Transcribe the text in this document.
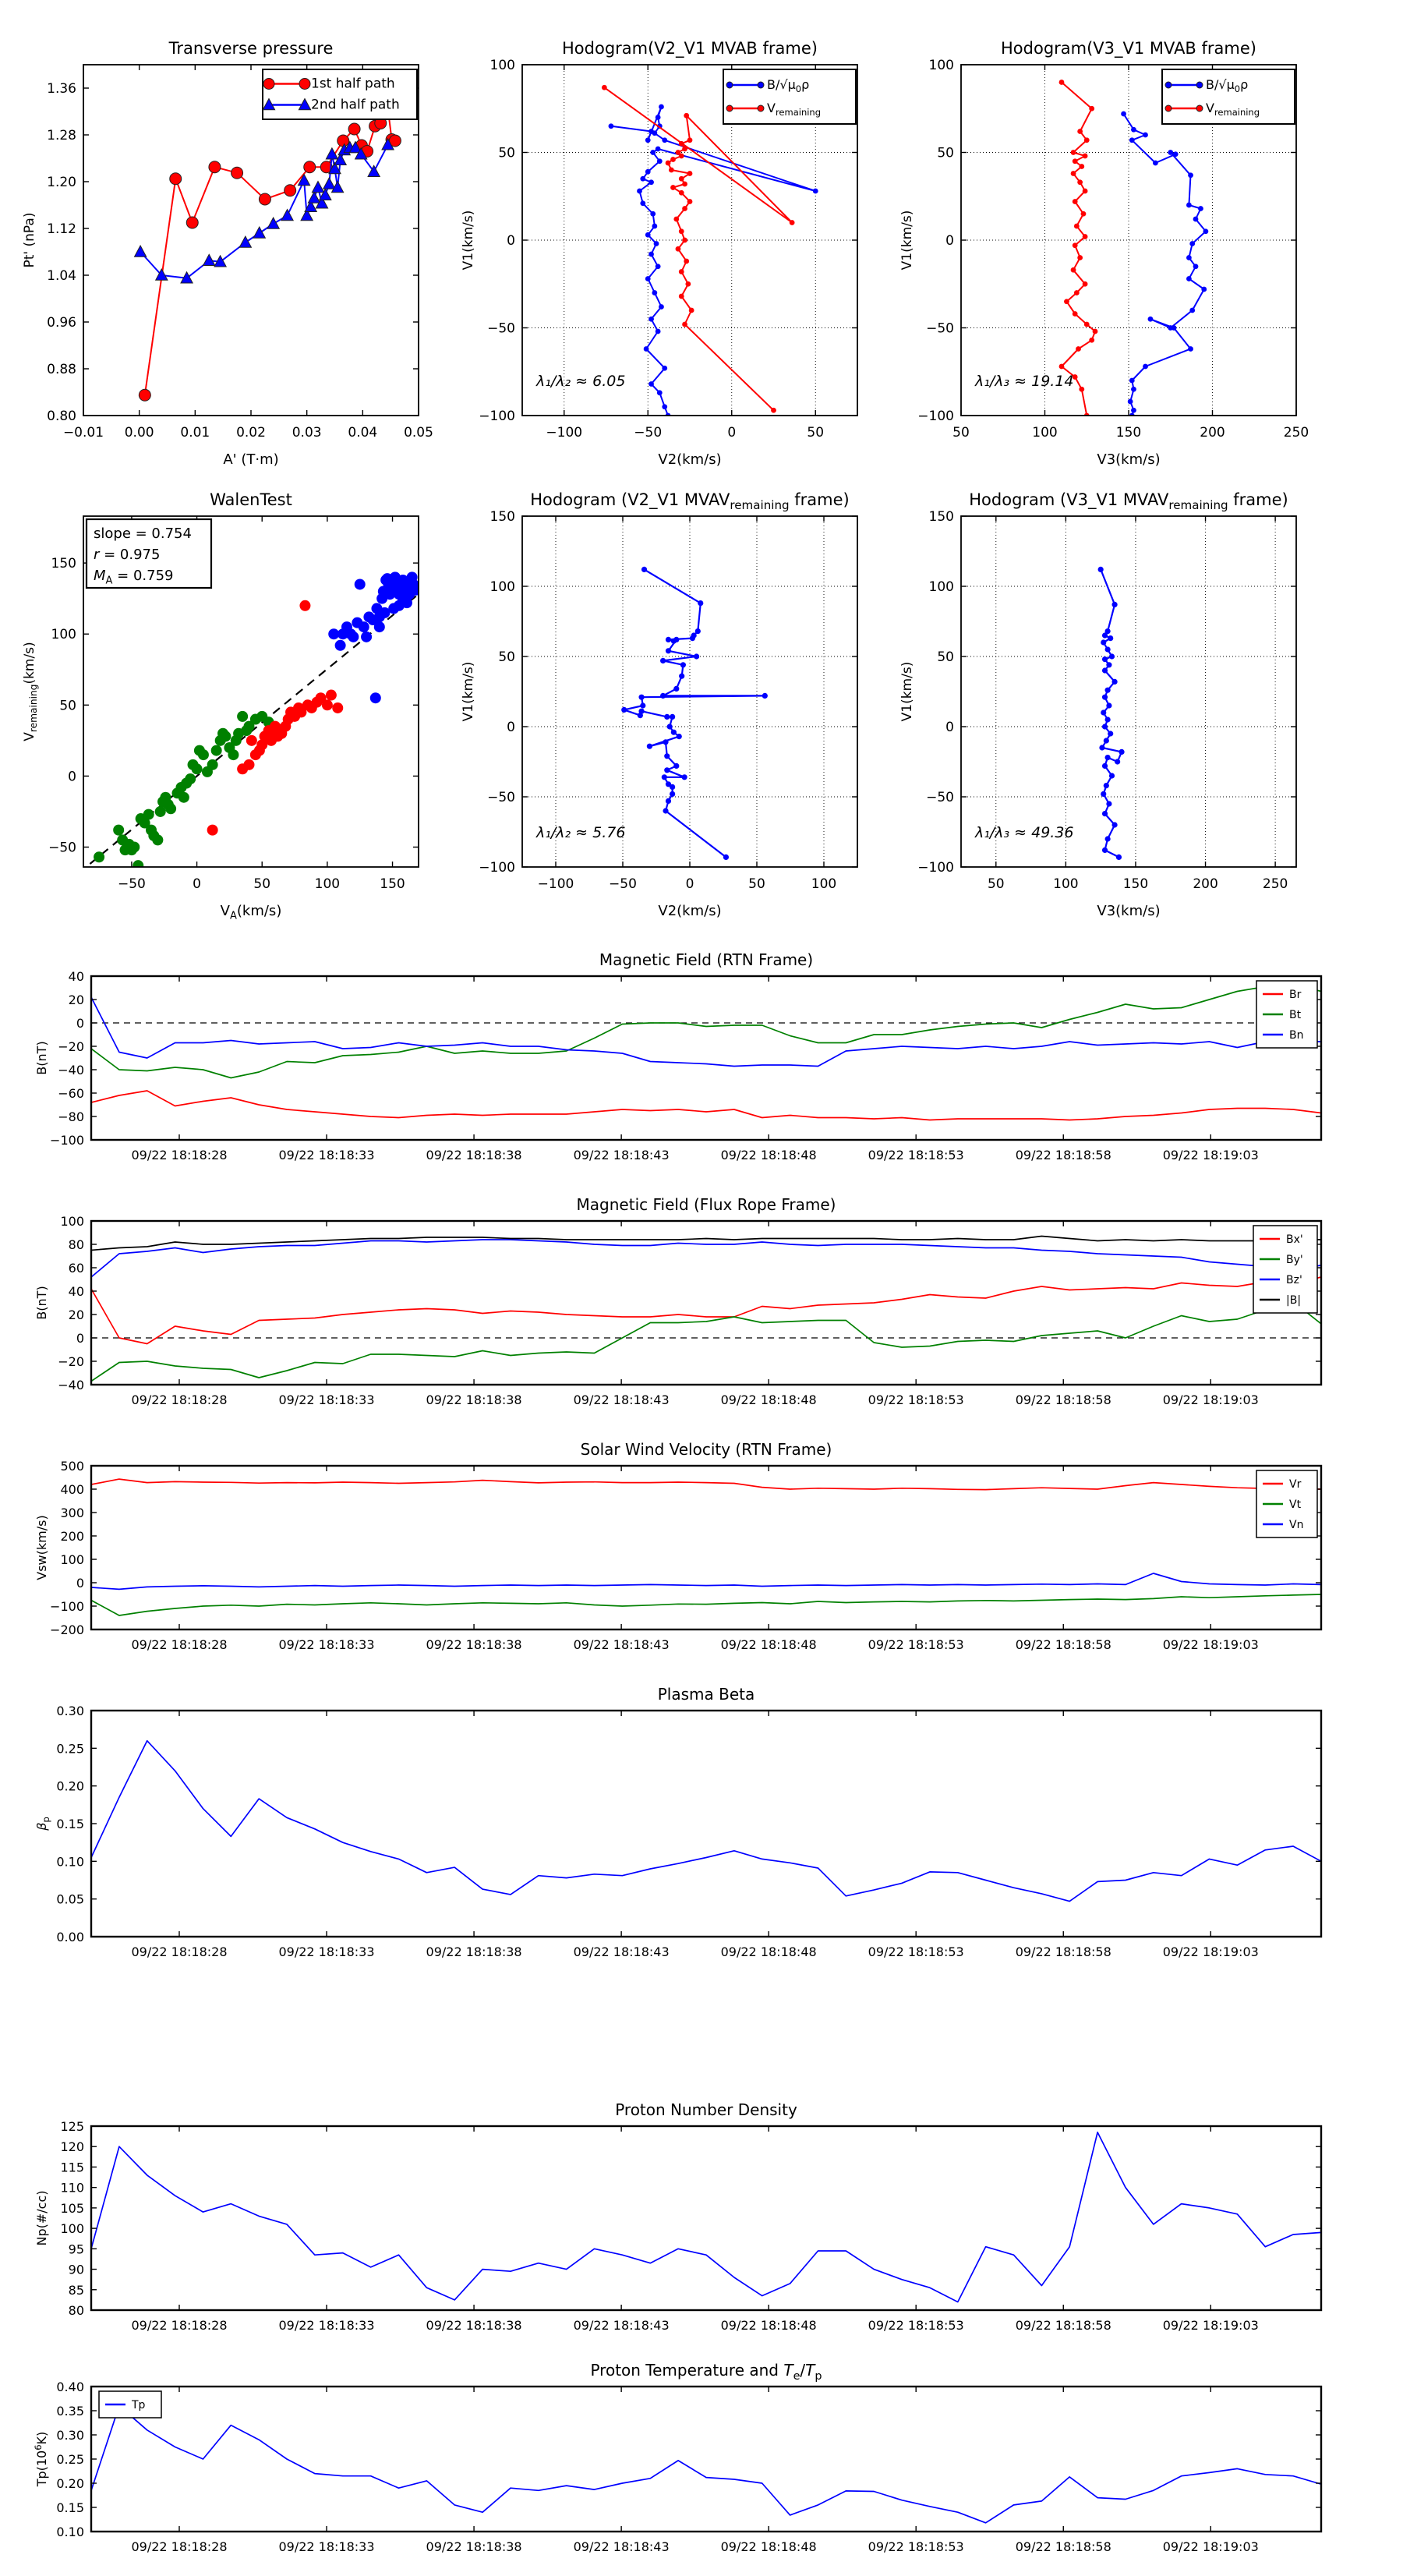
−0.01 0.00 0.01 0.02 0.03 0.04 0.05
0.80
0.88
0.96
1.04
1.12
1.20
1.28
1.36
Transverse pressure
A' (T·m)
Pt' (nPa)
1st half path
2nd half path
−100	−50	0	50
−100
−50
0
50
100
Hodogram(V2_V1 MVAB frame)
V2(km/s)
V1(km/s)
λ₁/λ₂ ≈ 6.05
$B/√\mu_0\rho$
$V_{remaining}$
50	100	150	200	250
−100
−50
0
50
100
Hodogram(V3_V1 MVAB frame)
V3(km/s)
V1(km/s)
λ₁/λ₃ ≈ 19.14
$B/√\mu_0\rho$
$V_{remaining}$
−50	0	50	100	150
−50
0
50
100
150
WalenTest
$V_A(km/s)$
$V_{remaining}(km/s)$
slope = 0.754
r = 0.975
$M_A = 0.759$
−100	−50	0	50	100
−100
−50
0
50
100
150
Hodogram (V2_V1 $MVAV_{remaining}$ frame)
V2(km/s)
V1(km/s)
λ₁/λ₂ ≈ 5.76
50	100	150	200	250
−100
−50
0
50
100
150
Hodogram (V3_V1 $MVAV_{remaining}$ frame)
V3(km/s)
V1(km/s)
λ₁/λ₃ ≈ 49.36
09/22 18:18:28	09/22 18:18:33	09/22 18:18:38	09/22 18:18:43	09/22 18:18:48	09/22 18:18:53	09/22 18:18:58	09/22 18:19:03
−100
−80
−60
−40
−20
0
20
40
Magnetic Field (RTN Frame)
B(nT)
Br
Bt
Bn
09/22 18:18:28	09/22 18:18:33	09/22 18:18:38	09/22 18:18:43	09/22 18:18:48	09/22 18:18:53	09/22 18:18:58	09/22 18:19:03
−40
−20
0
20
40
60
80
100
Magnetic Field (Flux Rope Frame)
B(nT)
Bx'
By'
Bz'
|B|
09/22 18:18:28	09/22 18:18:33	09/22 18:18:38	09/22 18:18:43	09/22 18:18:48	09/22 18:18:53	09/22 18:18:58	09/22 18:19:03
−200
−100
0
100
200
300
400
500
Solar Wind Velocity (RTN Frame)
Vsw(km/s)
Vr
Vt
Vn
09/22 18:18:28	09/22 18:18:33	09/22 18:18:38	09/22 18:18:43	09/22 18:18:48	09/22 18:18:53	09/22 18:18:58	09/22 18:19:03
0.00
0.05
0.10
0.15
0.20
0.25
0.30
Plasma Beta
$\beta_p$
09/22 18:18:28	09/22 18:18:33	09/22 18:18:38	09/22 18:18:43	09/22 18:18:48	09/22 18:18:53	09/22 18:18:58	09/22 18:19:03
80
85
90
95
100
105
110
115
120
125
Proton Number Density
Np(#/cc)
09/22 18:18:28	09/22 18:18:33	09/22 18:18:38	09/22 18:18:43	09/22 18:18:48	09/22 18:18:53	09/22 18:18:58	09/22 18:19:03
0.10
0.15
0.20
0.25
0.30
0.35
0.40
Proton Temperature and $T_e/T_p$
$Tp(10^6K)$
Tp
